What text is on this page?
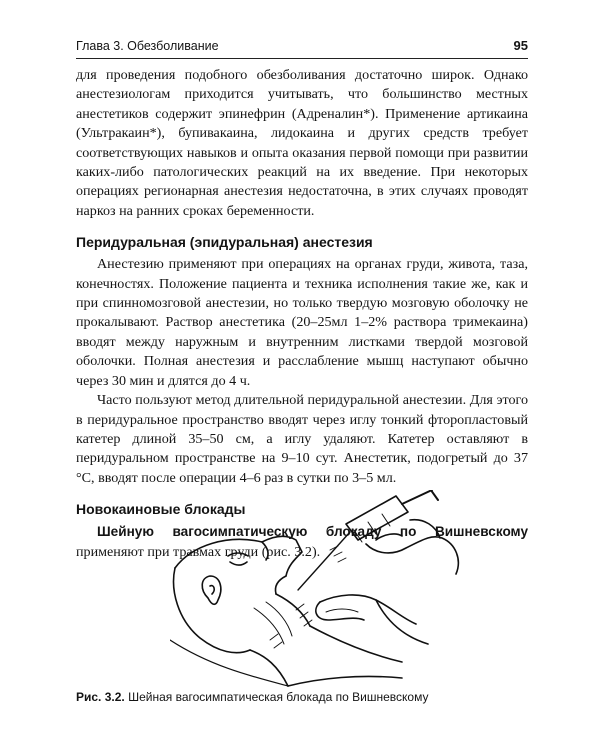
Глава 3. Обезболивание	95

для проведения подобного обезболивания достаточно широк. Однако анестезиологам приходится учитывать, что большинство местных анестетиков содержит эпинефрин (Адреналин*). Применение артикаина (Ультракаин*), бупивакаина, лидокаина и других средств требует соответствующих навыков и опыта оказания первой помощи при развитии каких-либо патологических реакций на их введение. При некоторых операциях регионарная анестезия недостаточна, в этих случаях проводят наркоз на ранних сроках беременности.

Перидуральная (эпидуральная) анестезия

Анестезию применяют при операциях на органах груди, живота, таза, конечностях. Положение пациента и техника исполнения такие же, как и при спинномозговой анестезии, но только твердую мозговую оболочку не прокалывают. Раствор анестетика (20–25мл 1–2% раствора тримекаина) вводят между наружным и внутренним листками твердой мозговой оболочки. Полная анестезия и расслабление мышц наступают обычно через 30 мин и длятся до 4 ч.

Часто пользуют метод длительной перидуральной анестезии. Для этого в перидуральное пространство вводят через иглу тонкий фторопластовый катетер длиной 35–50 см, а иглу удаляют. Катетер оставляют в перидуральном пространстве на 9–10 сут. Анестетик, подогретый до 37 °С, вводят после операции 4–6 раз в сутки по 3–5 мл.

Новокаиновые блокады

Шейную вагосимпатическую блокаду по Вишневскому применяют при травмах груди (рис. 3.2).

Рис. 3.2. Шейная вагосимпатическая блокада по Вишневскому
